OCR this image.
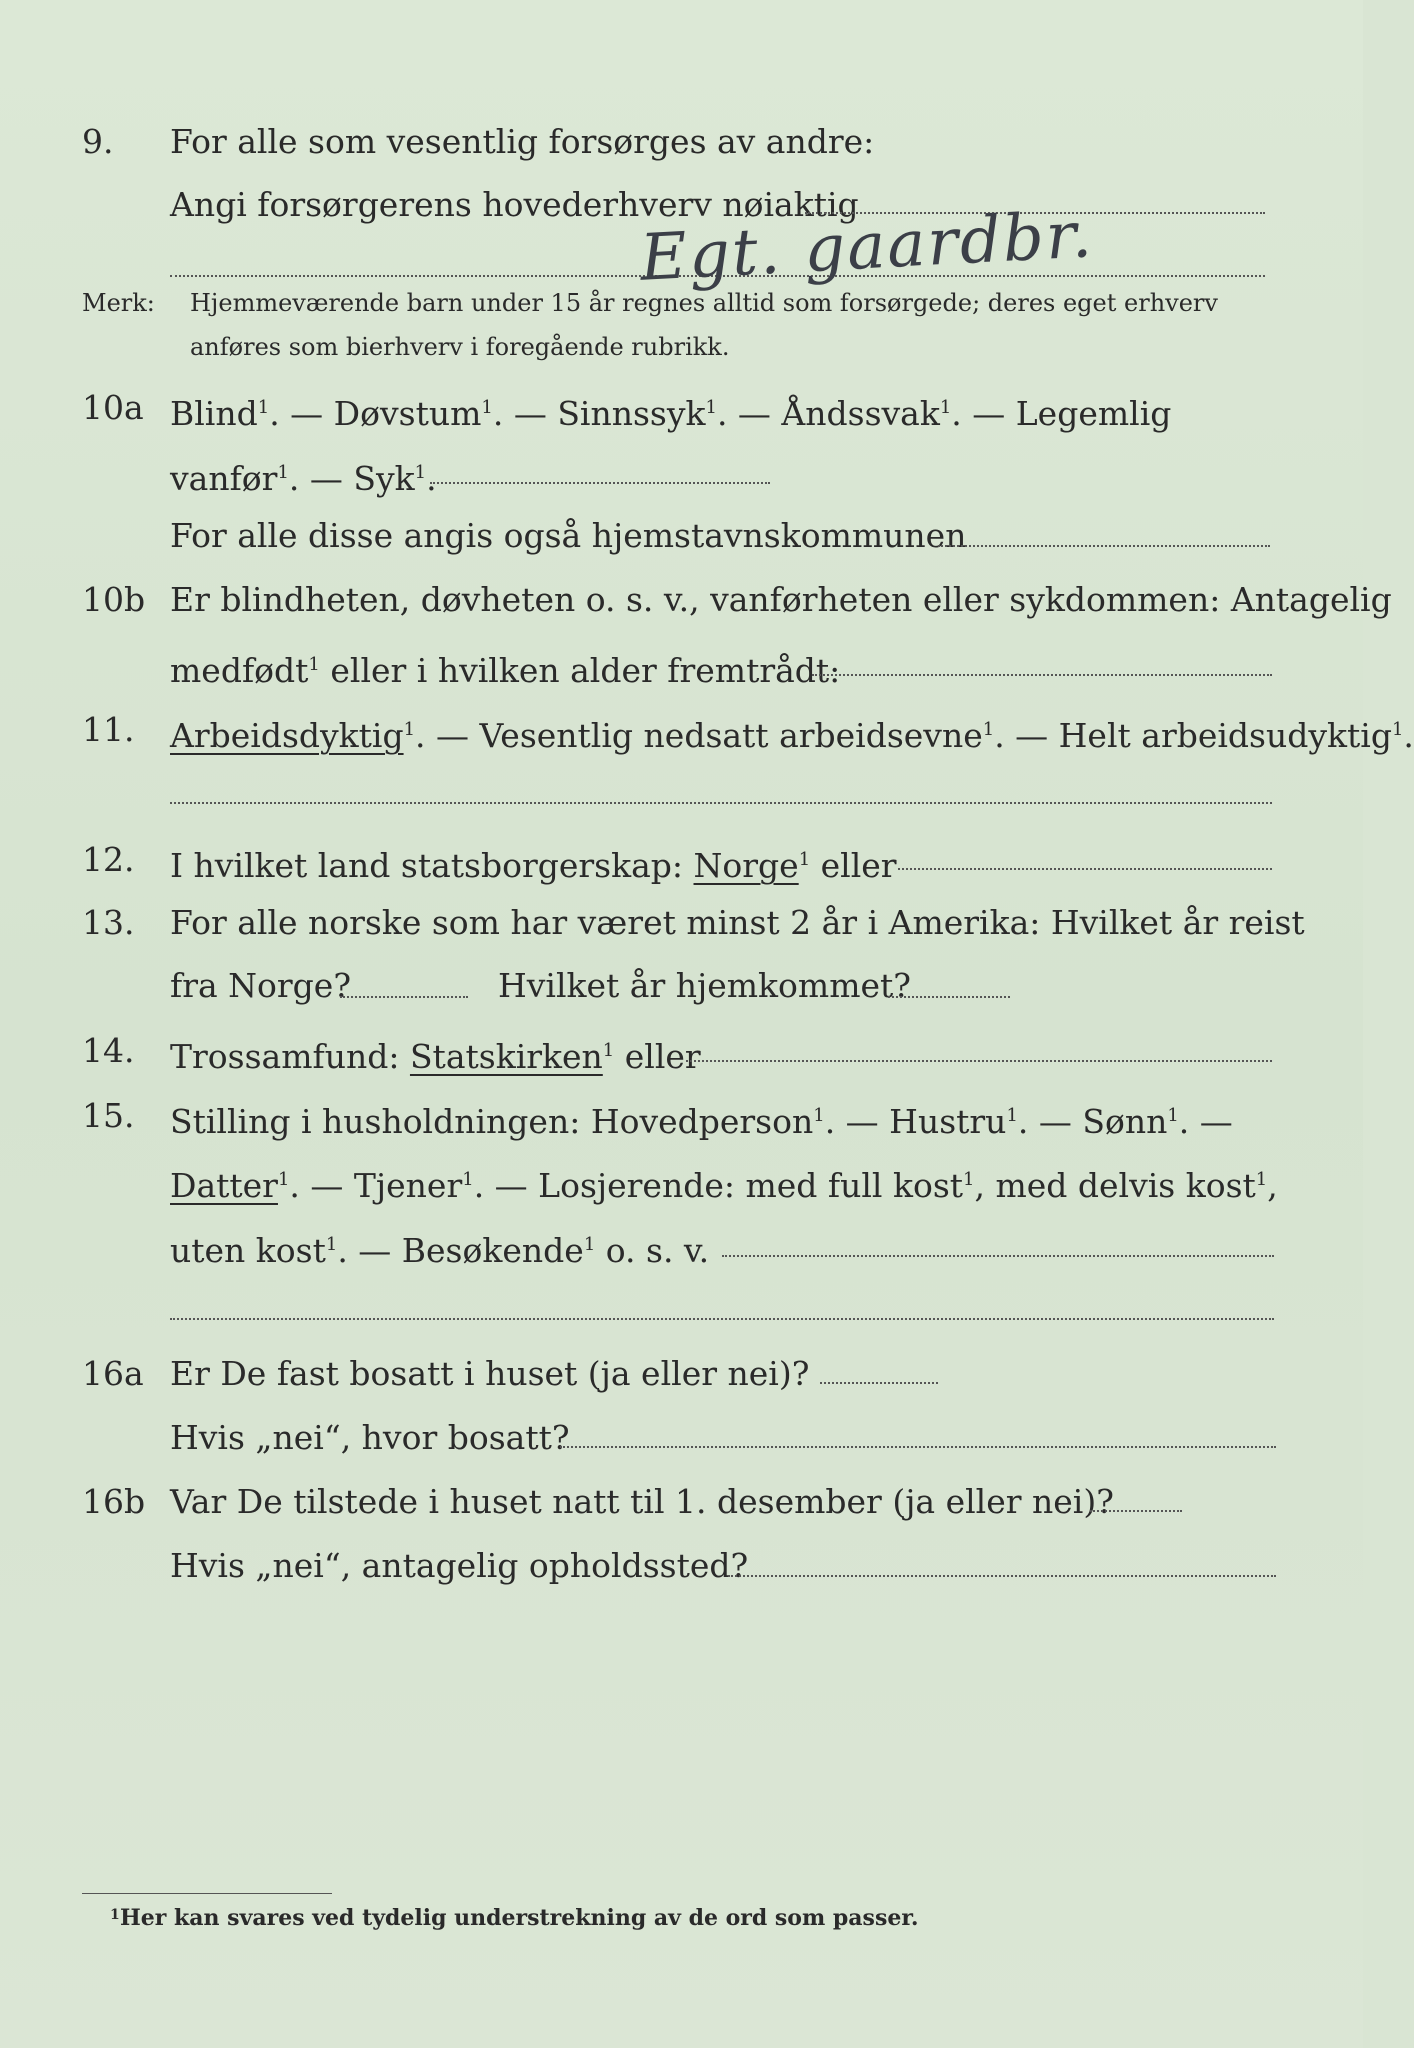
9. For alle som vesentlig forsørges av andre:
Angi forsørgerens hovederhverv nøiaktig
Egt. gaardbr.
Merk: Hjemmeværende barn under 15 år regnes alltid som forsørgede; deres eget erhverv
anføres som bierhverv i foregående rubrikk.
10a Blind$^1$. — Døvstum$^1$. — Sinnssyk$^1$. — Åndssvak$^1$. — Legemlig
vanfør$^1$. — Syk$^1$.
For alle disse angis også hjemstavnskommunen
10b Er blindheten, døvheten o. s. v., vanførheten eller sykdommen: Antagelig
medfødt$^1$ eller i hvilken alder fremtrådt:
11. Arbeidsdyktig$^1$. — Vesentlig nedsatt arbeidsevne$^1$. — Helt arbeidsudyktig$^1$.
12. I hvilket land statsborgerskap: Norge$^1$ eller
13. For alle norske som har været minst 2 år i Amerika: Hvilket år reist
fra Norge?	Hvilket år hjemkommet?
14. Trossamfund: Statskirken$^1$ eller
15. Stilling i husholdningen: Hovedperson$^1$. — Hustru$^1$. — Sønn$^1$. —
Datter$^1$. — Tjener$^1$. — Losjerende: med full kost$^1$, med delvis kost$^1$,
uten kost$^1$. — Besøkende$^1$ o. s. v.
16a Er De fast bosatt i huset (ja eller nei)?
Hvis „nei“, hvor bosatt?
16b Var De tilstede i huset natt til 1. desember (ja eller nei)?
Hvis „nei“, antagelig opholdssted?
1 Her kan svares ved tydelig understrekning av de ord som passer.
